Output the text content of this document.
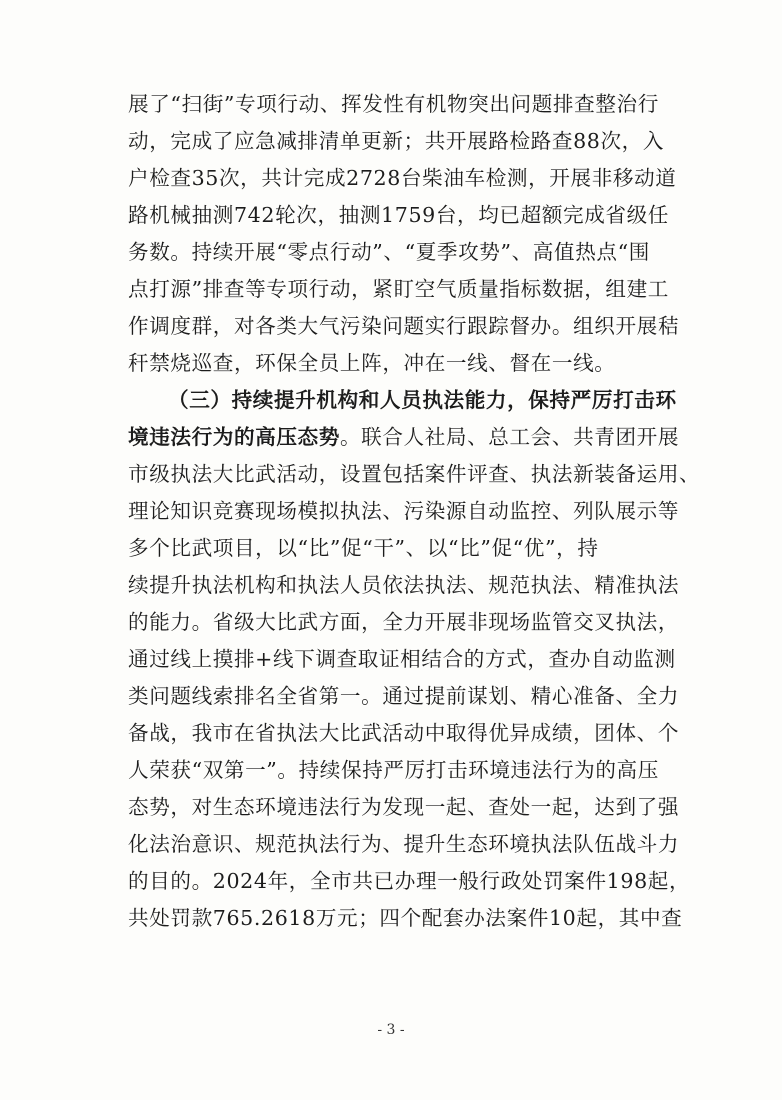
展了“扫街”专项行动、挥发性有机物突出问题排查整治行
动，完成了应急减排清单更新；共开展路检路查88次，入
户检查35次，共计完成2728台柴油车检测，开展非移动道
路机械抽测742轮次，抽测1759台，均已超额完成省级任
务数。持续开展“零点行动”、“夏季攻势”、高值热点“围
点打源”排查等专项行动，紧盯空气质量指标数据，组建工
作调度群，对各类大气污染问题实行跟踪督办。组织开展秸
秆禁烧巡查，环保全员上阵，冲在一线、督在一线。
（三）持续提升机构和人员执法能力，保持严厉打击环
境违法行为的高压态势。联合人社局、总工会、共青团开展
市级执法大比武活动，设置包括案件评查、执法新装备运用、
理论知识竞赛现场模拟执法、污染源自动监控、列队展示等
多个比武项目，以“比”促“干”、以“比”促“优”，持
续提升执法机构和执法人员依法执法、规范执法、精准执法
的能力。省级大比武方面，全力开展非现场监管交叉执法，
通过线上摸排+线下调查取证相结合的方式，查办自动监测
类问题线索排名全省第一。通过提前谋划、精心准备、全力
备战，我市在省执法大比武活动中取得优异成绩，团体、个
人荣获“双第一”。持续保持严厉打击环境违法行为的高压
态势，对生态环境违法行为发现一起、查处一起，达到了强
化法治意识、规范执法行为、提升生态环境执法队伍战斗力
的目的。2024年，全市共已办理一般行政处罚案件198起，
共处罚款765.2618万元；四个配套办法案件10起，其中查
- 3 -
